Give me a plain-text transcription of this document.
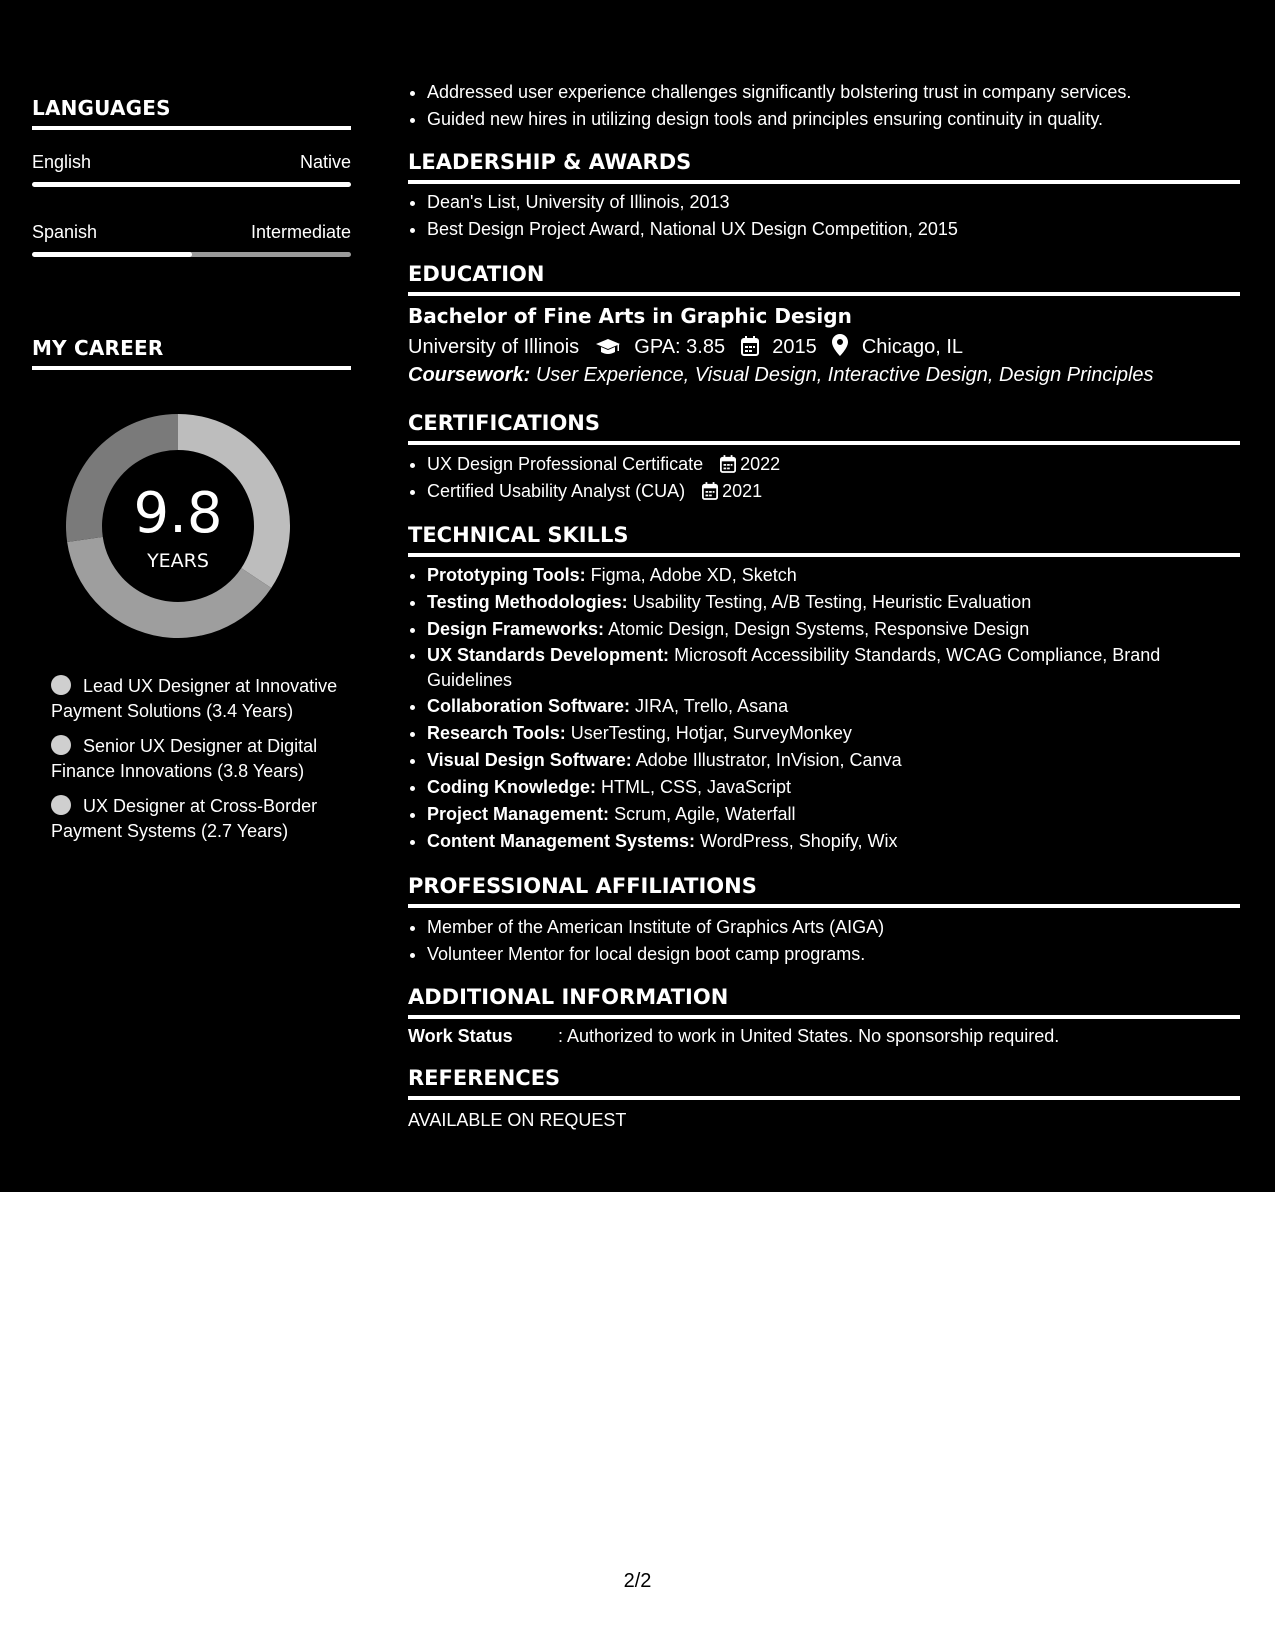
LANGUAGES
English	Native
Spanish	Intermediate
MY CAREER
9.8
YEARS
Lead UX Designer at Innovative Payment Solutions (3.4 Years)
Senior UX Designer at Digital Finance Innovations (3.8 Years)
UX Designer at Cross-Border Payment Systems (2.7 Years)
• Addressed user experience challenges significantly bolstering trust in company services.
• Guided new hires in utilizing design tools and principles ensuring continuity in quality.
LEADERSHIP & AWARDS
• Dean's List, University of Illinois, 2013
• Best Design Project Award, National UX Design Competition, 2015
EDUCATION
Bachelor of Fine Arts in Graphic Design
University of Illinois	GPA: 3.85 2015 Chicago, IL
Coursework: User Experience, Visual Design, Interactive Design, Design Principles
CERTIFICATIONS
• UX Design Professional Certificate 2022
• Certified Usability Analyst (CUA) 2021
TECHNICAL SKILLS
• Prototyping Tools: Figma, Adobe XD, Sketch
• Testing Methodologies: Usability Testing, A/B Testing, Heuristic Evaluation
• Design Frameworks: Atomic Design, Design Systems, Responsive Design
• UX Standards Development: Microsoft Accessibility Standards, WCAG Compliance, Brand Guidelines
• Collaboration Software: JIRA, Trello, Asana
• Research Tools: UserTesting, Hotjar, SurveyMonkey
• Visual Design Software: Adobe Illustrator, InVision, Canva
• Coding Knowledge: HTML, CSS, JavaScript
• Project Management: Scrum, Agile, Waterfall
• Content Management Systems: WordPress, Shopify, Wix
PROFESSIONAL AFFILIATIONS
• Member of the American Institute of Graphics Arts (AIGA)
• Volunteer Mentor for local design boot camp programs.
ADDITIONAL INFORMATION
Work Status	: Authorized to work in United States. No sponsorship required.
REFERENCES
AVAILABLE ON REQUEST
2/2
